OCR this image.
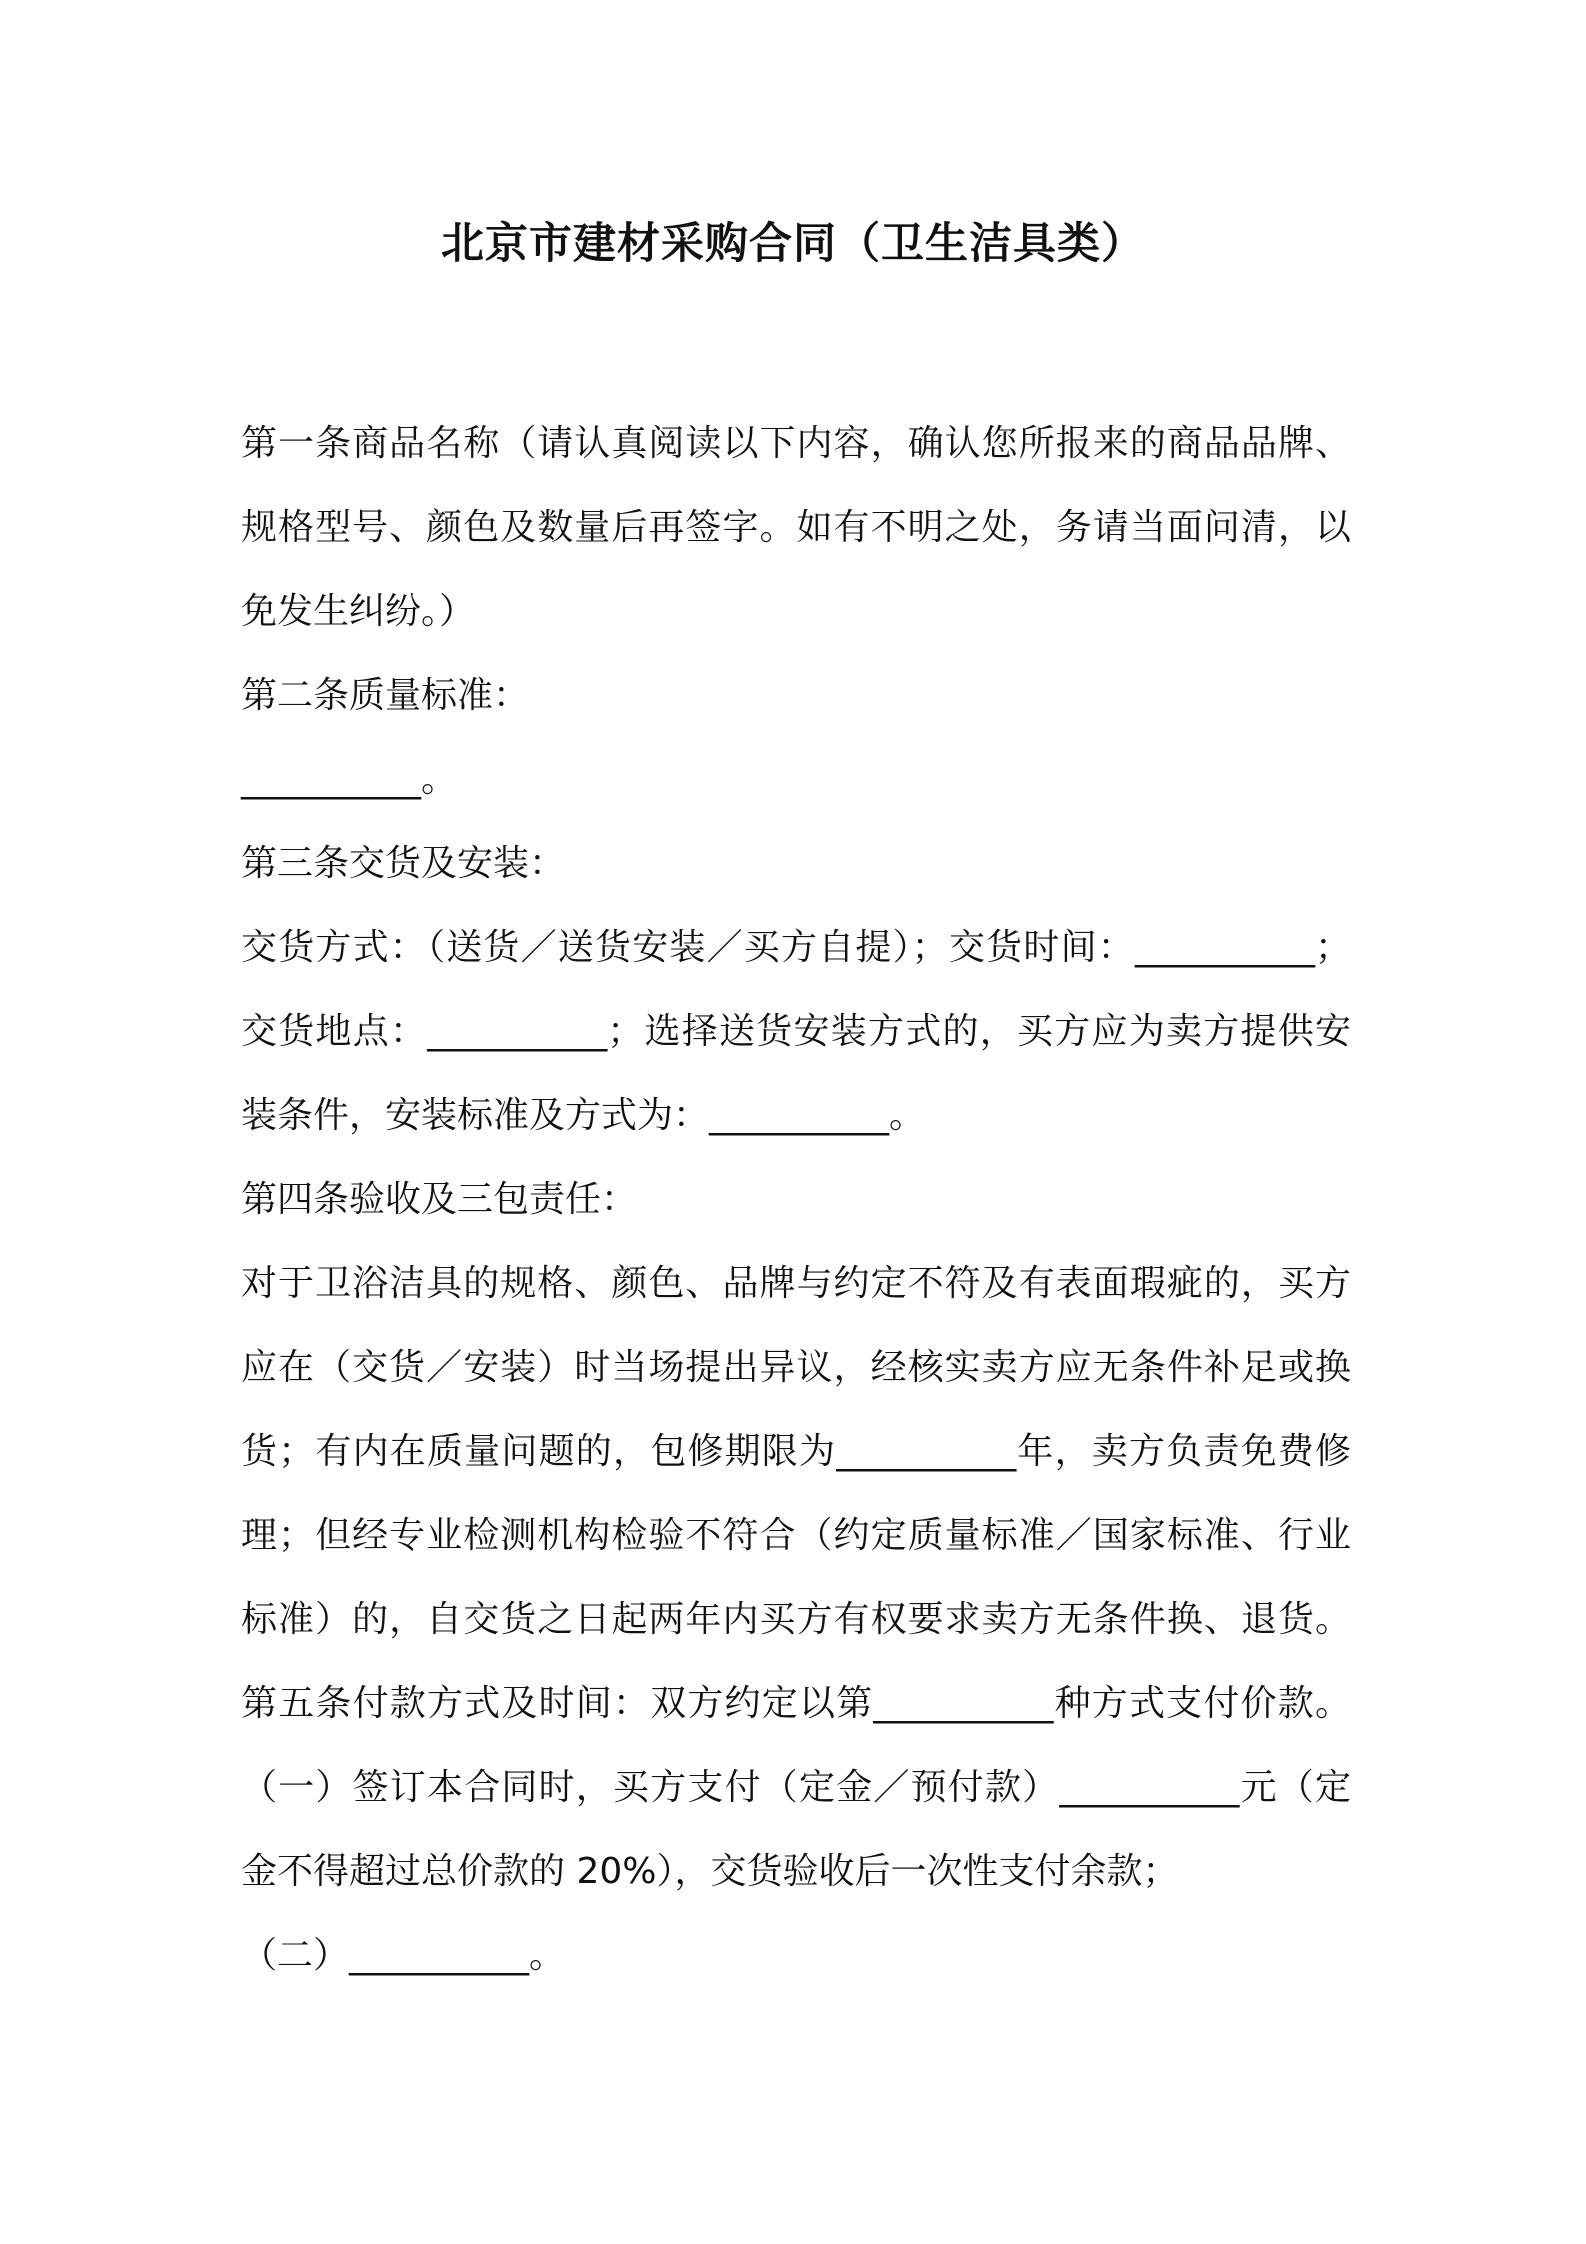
北京市建材采购合同（卫生洁具类）
第一条商品名称（请认真阅读以下内容，确认您所报来的商品品牌、
规格型号、颜色及数量后再签字。如有不明之处，务请当面问清，以
免发生纠纷。）
第二条质量标准：
__________。
第三条交货及安装：
交货方式：（送货／送货安装／买方自提）；交货时间：__________；
交货地点：__________；选择送货安装方式的，买方应为卖方提供安
装条件，安装标准及方式为：__________。
第四条验收及三包责任：
对于卫浴洁具的规格、颜色、品牌与约定不符及有表面瑕疵的，买方
应在（交货／安装）时当场提出异议，经核实卖方应无条件补足或换
货；有内在质量问题的，包修期限为__________年，卖方负责免费修
理；但经专业检测机构检验不符合（约定质量标准／国家标准、行业
标准）的，自交货之日起两年内买方有权要求卖方无条件换、退货。
第五条付款方式及时间：双方约定以第__________种方式支付价款。
（一）签订本合同时，买方支付（定金／预付款）__________元（定
金不得超过总价款的 20%），交货验收后一次性支付余款；
（二）__________。
